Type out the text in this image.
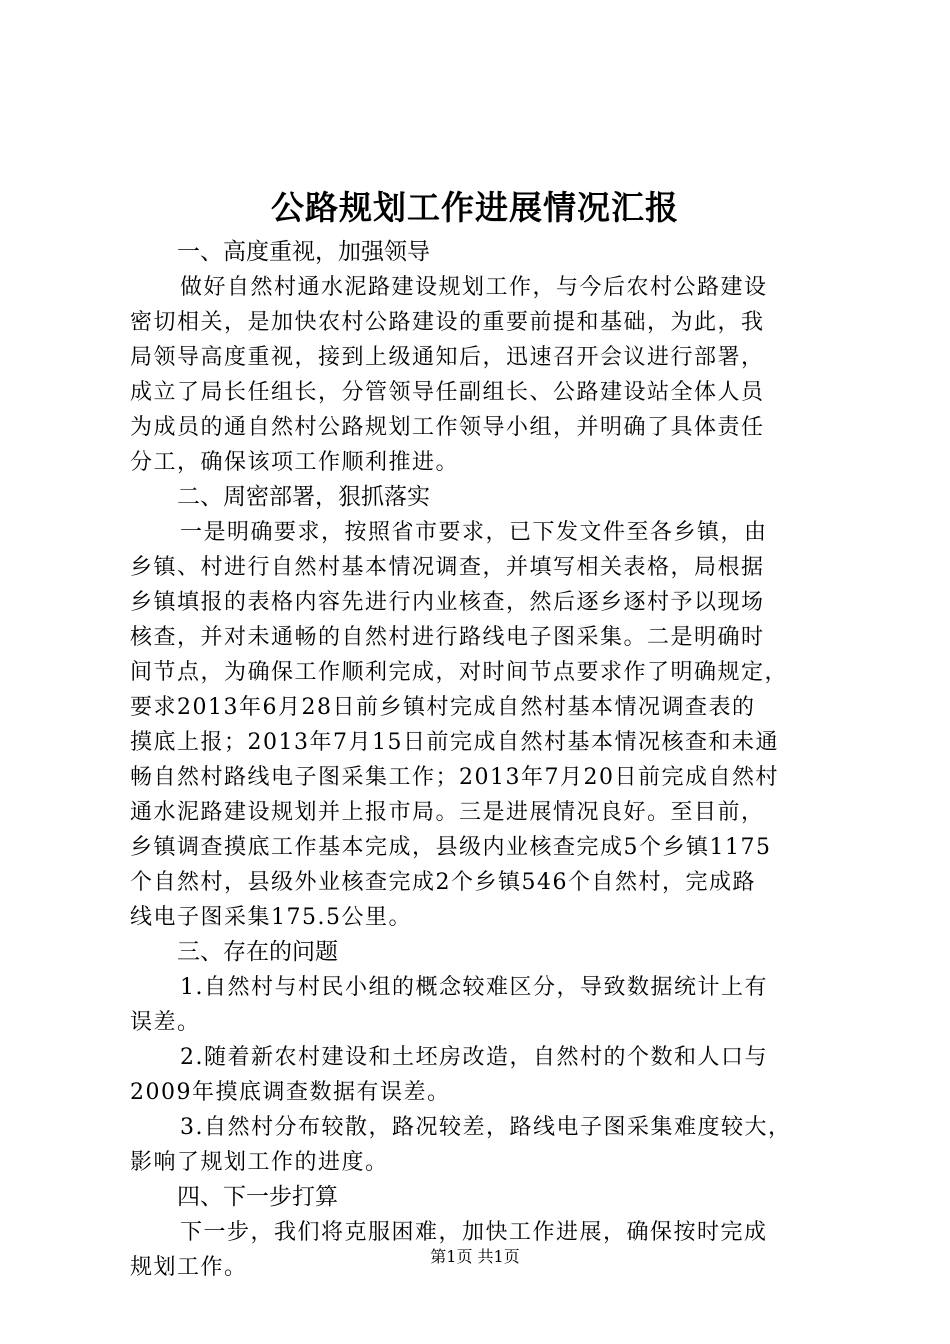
公路规划工作进展情况汇报
一、高度重视，加强领导
做好自然村通水泥路建设规划工作，与今后农村公路建设
密切相关，是加快农村公路建设的重要前提和基础，为此，我
局领导高度重视，接到上级通知后，迅速召开会议进行部署，
成立了局长任组长，分管领导任副组长、公路建设站全体人员
为成员的通自然村公路规划工作领导小组，并明确了具体责任
分工，确保该项工作顺利推进。
二、周密部署，狠抓落实
一是明确要求，按照省市要求，已下发文件至各乡镇，由
乡镇、村进行自然村基本情况调查，并填写相关表格，局根据
乡镇填报的表格内容先进行内业核查，然后逐乡逐村予以现场
核查，并对未通畅的自然村进行路线电子图采集。二是明确时
间节点，为确保工作顺利完成，对时间节点要求作了明确规定，
要求2013年6月28日前乡镇村完成自然村基本情况调查表的
摸底上报；2013年7月15日前完成自然村基本情况核查和未通
畅自然村路线电子图采集工作；2013年7月20日前完成自然村
通水泥路建设规划并上报市局。三是进展情况良好。至目前，
乡镇调查摸底工作基本完成，县级内业核查完成5个乡镇1175
个自然村，县级外业核查完成2个乡镇546个自然村，完成路
线电子图采集175.5公里。
三、存在的问题
1.自然村与村民小组的概念较难区分，导致数据统计上有
误差。
2.随着新农村建设和土坯房改造，自然村的个数和人口与
2009年摸底调查数据有误差。
3.自然村分布较散，路况较差，路线电子图采集难度较大，
影响了规划工作的进度。
四、下一步打算
下一步，我们将克服困难，加快工作进展，确保按时完成
规划工作。	第1页 共1页
